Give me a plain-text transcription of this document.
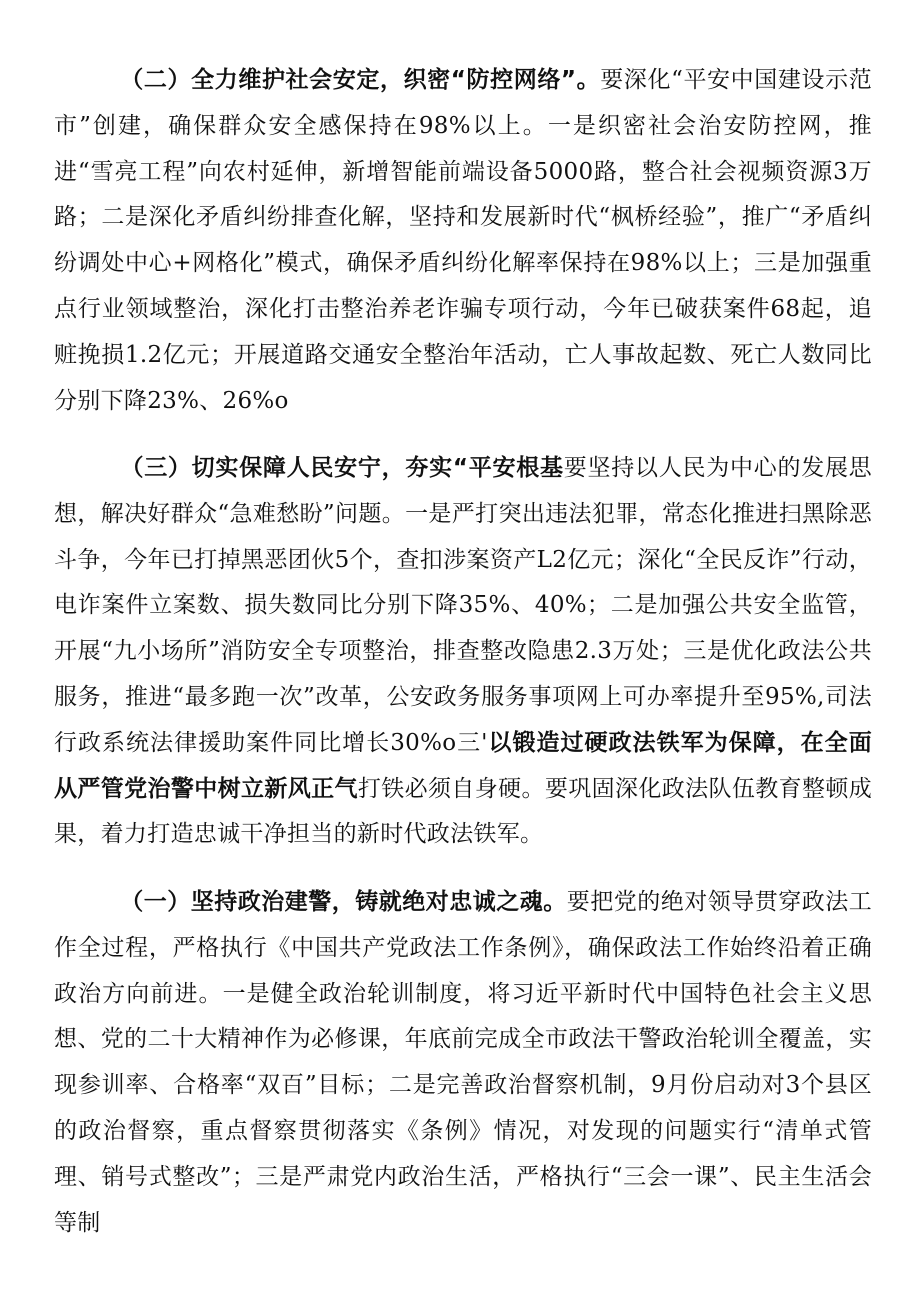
（二）全力维护社会安定，织密“防控网络”。要深化“平安中国建设示范市”创建，确保群众安全感保持在98%以上。一是织密社会治安防控网，推进“雪亮工程”向农村延伸，新增智能前端设备5000路，整合社会视频资源3万路；二是深化矛盾纠纷排查化解，坚持和发展新时代“枫桥经验”，推广“矛盾纠纷调处中心+网格化”模式，确保矛盾纠纷化解率保持在98%以上；三是加强重点行业领域整治，深化打击整治养老诈骗专项行动，今年已破获案件68起，追赃挽损1.2亿元；开展道路交通安全整治年活动，亡人事故起数、死亡人数同比分别下降23%、26%o

（三）切实保障人民安宁，夯实“平安根基要坚持以人民为中心的发展思想，解决好群众“急难愁盼”问题。一是严打突出违法犯罪，常态化推进扫黑除恶斗争，今年已打掉黑恶团伙5个，查扣涉案资产L2亿元；深化“全民反诈”行动，电诈案件立案数、损失数同比分别下降35%、40%；二是加强公共安全监管，开展“九小场所”消防安全专项整治，排查整改隐患2.3万处；三是优化政法公共服务，推进“最多跑一次”改革，公安政务服务事项网上可办率提升至95%,司法行政系统法律援助案件同比增长30%o三'以锻造过硬政法铁军为保障，在全面从严管党治警中树立新风正气打铁必须自身硬。要巩固深化政法队伍教育整顿成果，着力打造忠诚干净担当的新时代政法铁军。

（一）坚持政治建警，铸就绝对忠诚之魂。要把党的绝对领导贯穿政法工作全过程，严格执行《中国共产党政法工作条例》，确保政法工作始终沿着正确政治方向前进。一是健全政治轮训制度，将习近平新时代中国特色社会主义思想、党的二十大精神作为必修课，年底前完成全市政法干警政治轮训全覆盖，实现参训率、合格率“双百”目标；二是完善政治督察机制，9月份启动对3个县区的政治督察，重点督察贯彻落实《条例》情况，对发现的问题实行“清单式管理、销号式整改”；三是严肃党内政治生活，严格执行“三会一课”、民主生活会等制
